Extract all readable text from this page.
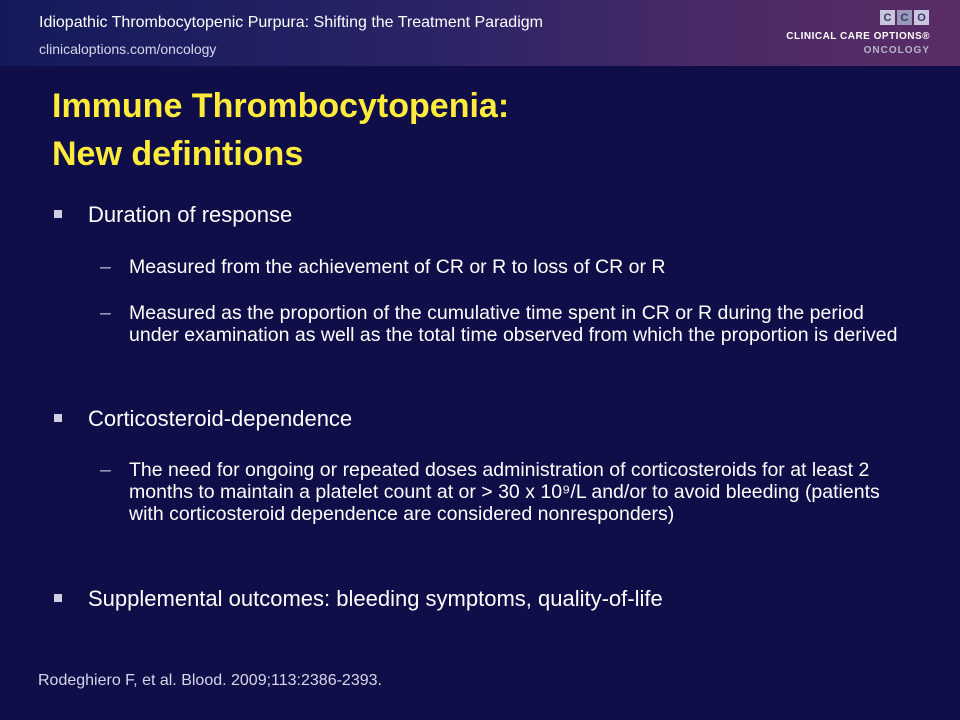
Idiopathic Thrombocytopenic Purpura: Shifting the Treatment Paradigm
clinicaloptions.com/oncology
C C O
CLINICAL CARE OPTIONS®
ONCOLOGY
Immune Thrombocytopenia:
New definitions
Duration of response
– Measured from the achievement of CR or R to loss of CR or R
– Measured as the proportion of the cumulative time spent in CR or R during the period under examination as well as the total time observed from which the proportion is derived
Corticosteroid-dependence
– The need for ongoing or repeated doses administration of corticosteroids for at least 2 months to maintain a platelet count at or > 30 x 10⁹/L and/or to avoid bleeding (patients with corticosteroid dependence are considered nonresponders)
Supplemental outcomes: bleeding symptoms, quality-of-life
Rodeghiero F, et al. Blood. 2009;113:2386-2393.
